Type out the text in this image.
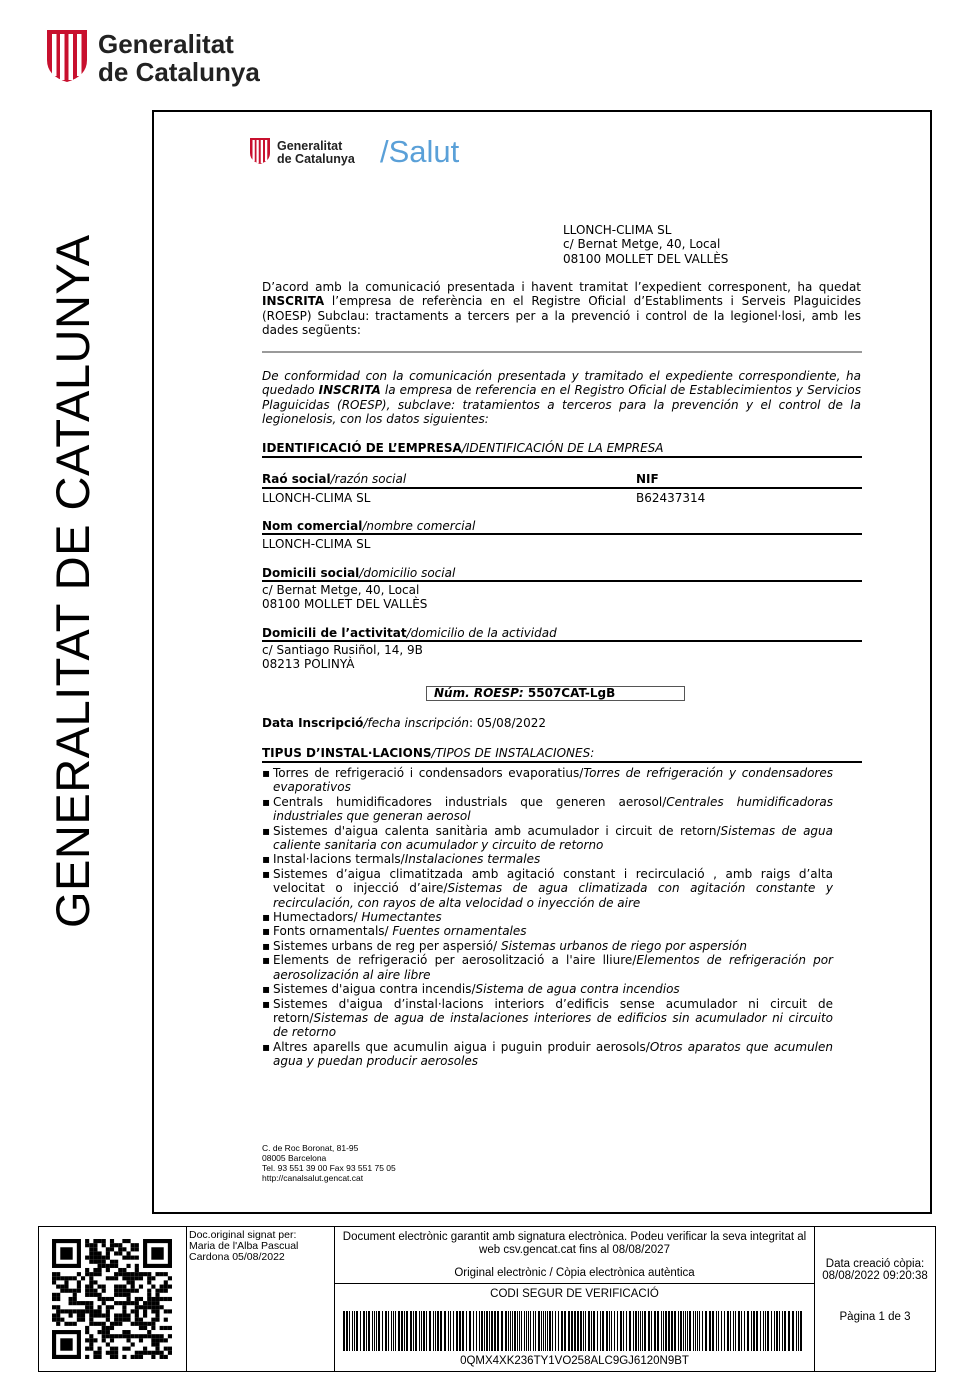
Generalitat
de Catalunya
GENERALITAT DE CATALUNYA
Generalitat
de Catalunya /Salut
LLONCH-CLIMA SL
c/ Bernat Metge, 40, Local
08100 MOLLET DEL VALLÈS
D’acord amb la comunicació presentada i havent tramitat l’expedient corresponent, ha quedat INSCRITA l’empresa de referència en el Registre Oficial d’Establiments i Serveis Plaguicides (ROESP) Subclau: tractaments a tercers per a la prevenció i control de la legionel·losi, amb les dades següents:
De conformidad con la comunicación presentada y tramitado el expediente correspondiente, ha quedado INSCRITA la empresa de referencia en el Registro Oficial de Establecimientos y Servicios Plaguicidas (ROESP), subclave: tratamientos a terceros para la prevención y el control de la legionelosis, con los datos siguientes:
IDENTIFICACIÓ DE L’EMPRESA/IDENTIFICACIÓN DE LA EMPRESA
Raó social/razón social	NIF
LLONCH-CLIMA SL	B62437314
Nom comercial/nombre comercial
LLONCH-CLIMA SL
Domicili social/domicilio social
c/ Bernat Metge, 40, Local
08100 MOLLET DEL VALLÈS
Domicili de l’activitat/domicilio de la actividad
c/ Santiago Rusiñol, 14, 9B
08213 POLINYÀ
Núm. ROESP: 5507CAT-LgB
Data Inscripció/fecha inscripción: 05/08/2022
TIPUS D’INSTAL·LACIONS/TIPOS DE INSTALACIONES:
▪ Torres de refrigeració i condensadors evaporatius/Torres de refrigeración y condensadores evaporativos
▪ Centrals humidificadores industrials que generen aerosol/Centrales humidificadoras industriales que generan aerosol
▪ Sistemes d'aigua calenta sanitària amb acumulador i circuit de retorn/Sistemas de agua caliente sanitaria con acumulador y circuito de retorno
▪ Instal·lacions termals/Instalaciones termales
▪ Sistemes d’aigua climatitzada amb agitació constant i recirculació , amb raigs d’alta velocitat o injecció d’aire/Sistemas de agua climatizada con agitación constante y recirculación, con rayos de alta velocidad o inyección de aire
▪ Humectadors/ Humectantes
▪ Fonts ornamentals/ Fuentes ornamentales
▪ Sistemes urbans de reg per aspersió/ Sistemas urbanos de riego por aspersión
▪ Elements de refrigeració per aerosolització a l'aire lliure/Elementos de refrigeración por aerosolización al aire libre
▪ Sistemes d'aigua contra incendis/Sistema de agua contra incendios
▪ Sistemes d'aigua d’instal·lacions interiors d’edificis sense acumulador ni circuit de retorn/Sistemas de agua de instalaciones interiores de edificios sin acumulador ni circuito de retorno
▪ Altres aparells que acumulin aigua i puguin produir aerosols/Otros aparatos que acumulen agua y puedan producir aerosoles
C. de Roc Boronat, 81-95
08005 Barcelona
Tel. 93 551 39 00 Fax 93 551 75 05
http://canalsalut.gencat.cat
Doc.original signat per:
Maria de l'Alba Pascual
Cardona 05/08/2022
Document electrònic garantit amb signatura electrònica. Podeu verificar la seva integritat al web csv.gencat.cat fins al 08/08/2027
Original electrònic / Còpia electrònica autèntica
CODI SEGUR DE VERIFICACIÓ
0QMX4XK236TY1VO258ALC9GJ6120N9BT
Data creació còpia:
08/08/2022 09:20:38
Pàgina 1 de 3
